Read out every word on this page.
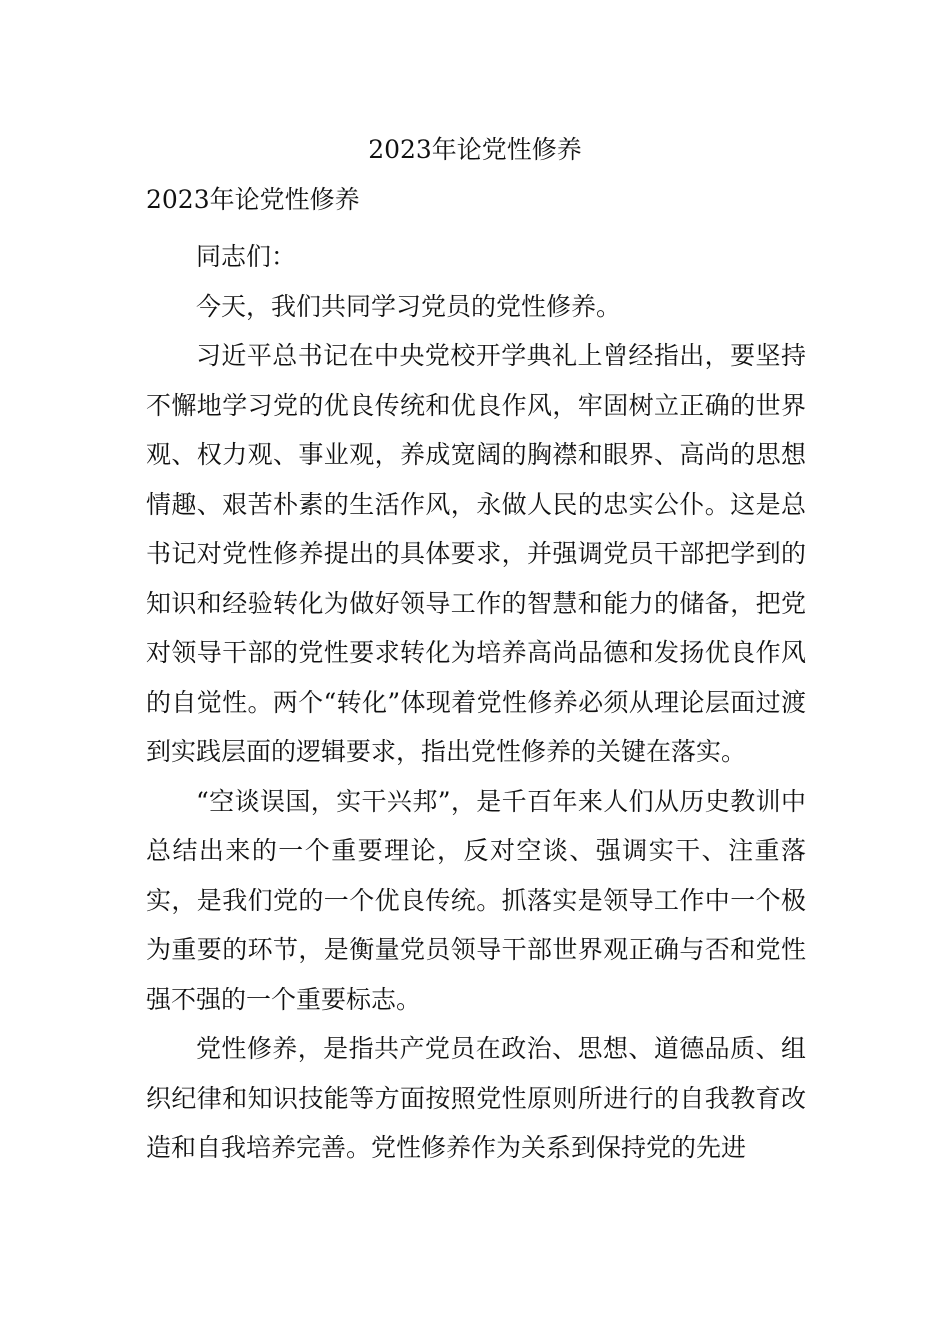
2023年论党性修养
2023年论党性修养

同志们：

今天，我们共同学习党员的党性修养。

习近平总书记在中央党校开学典礼上曾经指出，要坚持不懈地学习党的优良传统和优良作风，牢固树立正确的世界观、权力观、事业观，养成宽阔的胸襟和眼界、高尚的思想情趣、艰苦朴素的生活作风，永做人民的忠实公仆。这是总书记对党性修养提出的具体要求，并强调党员干部把学到的知识和经验转化为做好领导工作的智慧和能力的储备，把党对领导干部的党性要求转化为培养高尚品德和发扬优良作风的自觉性。两个“转化”体现着党性修养必须从理论层面过渡到实践层面的逻辑要求，指出党性修养的关键在落实。

“空谈误国，实干兴邦”，是千百年来人们从历史教训中总结出来的一个重要理论，反对空谈、强调实干、注重落实，是我们党的一个优良传统。抓落实是领导工作中一个极为重要的环节，是衡量党员领导干部世界观正确与否和党性强不强的一个重要标志。

党性修养，是指共产党员在政治、思想、道德品质、组织纪律和知识技能等方面按照党性原则所进行的自我教育改造和自我培养完善。党性修养作为关系到保持党的先进
